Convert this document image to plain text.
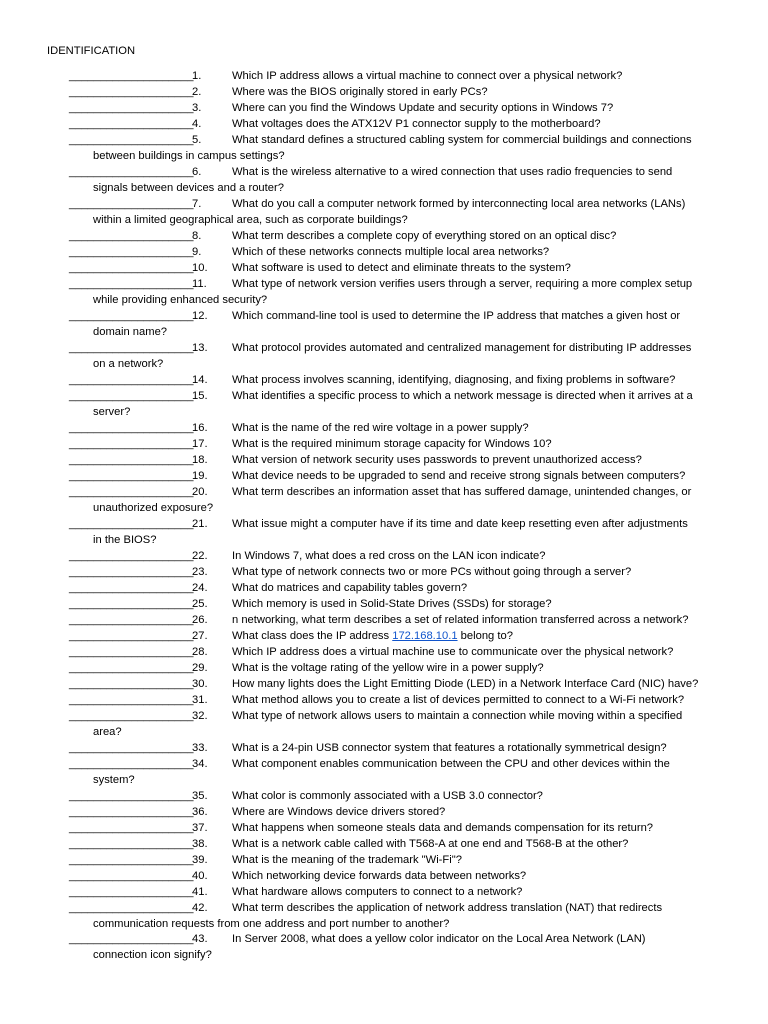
IDENTIFICATION
____________________
1.	Which IP address allows a virtual machine to connect over a physical network?
____________________
2.	Where was the BIOS originally stored in early PCs?
____________________
3.	Where can you find the Windows Update and security options in Windows 7?
____________________
4.	What voltages does the ATX12V P1 connector supply to the motherboard?
____________________
5.	What standard defines a structured cabling system for commercial buildings and connections
between buildings in campus settings?
____________________
6.	What is the wireless alternative to a wired connection that uses radio frequencies to send
signals between devices and a router?
____________________
7.	What do you call a computer network formed by interconnecting local area networks (LANs)
within a limited geographical area, such as corporate buildings?
____________________
8.	What term describes a complete copy of everything stored on an optical disc?
____________________
9.	Which of these networks connects multiple local area networks?
____________________
10. What software is used to detect and eliminate threats to the system?
____________________
11. What type of network version verifies users through a server, requiring a more complex setup
while providing enhanced security?
____________________
12. Which command-line tool is used to determine the IP address that matches a given host or
domain name?
____________________
13. What protocol provides automated and centralized management for distributing IP addresses
on a network?
____________________
14. What process involves scanning, identifying, diagnosing, and fixing problems in software?
____________________
15. What identifies a specific process to which a network message is directed when it arrives at a
server?
____________________
16. What is the name of the red wire voltage in a power supply?
____________________
17. What is the required minimum storage capacity for Windows 10?
____________________
18. What version of network security uses passwords to prevent unauthorized access?
____________________
19. What device needs to be upgraded to send and receive strong signals between computers?
____________________
20. What term describes an information asset that has suffered damage, unintended changes, or
unauthorized exposure?
____________________
21. What issue might a computer have if its time and date keep resetting even after adjustments
in the BIOS?
____________________
22. In Windows 7, what does a red cross on the LAN icon indicate?
____________________
23. What type of network connects two or more PCs without going through a server?
____________________
24. What do matrices and capability tables govern?
____________________
25. Which memory is used in Solid-State Drives (SSDs) for storage?
____________________
26. n networking, what term describes a set of related information transferred across a network?
____________________
27. What class does the IP address 172.168.10.1 belong to?
____________________
28. Which IP address does a virtual machine use to communicate over the physical network?
____________________
29. What is the voltage rating of the yellow wire in a power supply?
____________________
30. How many lights does the Light Emitting Diode (LED) in a Network Interface Card (NIC) have?
____________________
31. What method allows you to create a list of devices permitted to connect to a Wi-Fi network?
____________________
32. What type of network allows users to maintain a connection while moving within a specified
area?
____________________
33. What is a 24-pin USB connector system that features a rotationally symmetrical design?
____________________
34. What component enables communication between the CPU and other devices within the
system?
____________________
35. What color is commonly associated with a USB 3.0 connector?
____________________
36. Where are Windows device drivers stored?
____________________
37. What happens when someone steals data and demands compensation for its return?
____________________
38. What is a network cable called with T568-A at one end and T568-B at the other?
____________________
39. What is the meaning of the trademark "Wi-Fi"?
____________________
40. Which networking device forwards data between networks?
____________________
41. What hardware allows computers to connect to a network?
____________________
42. What term describes the application of network address translation (NAT) that redirects
communication requests from one address and port number to another?
____________________
43. In Server 2008, what does a yellow color indicator on the Local Area Network (LAN)
connection icon signify?
